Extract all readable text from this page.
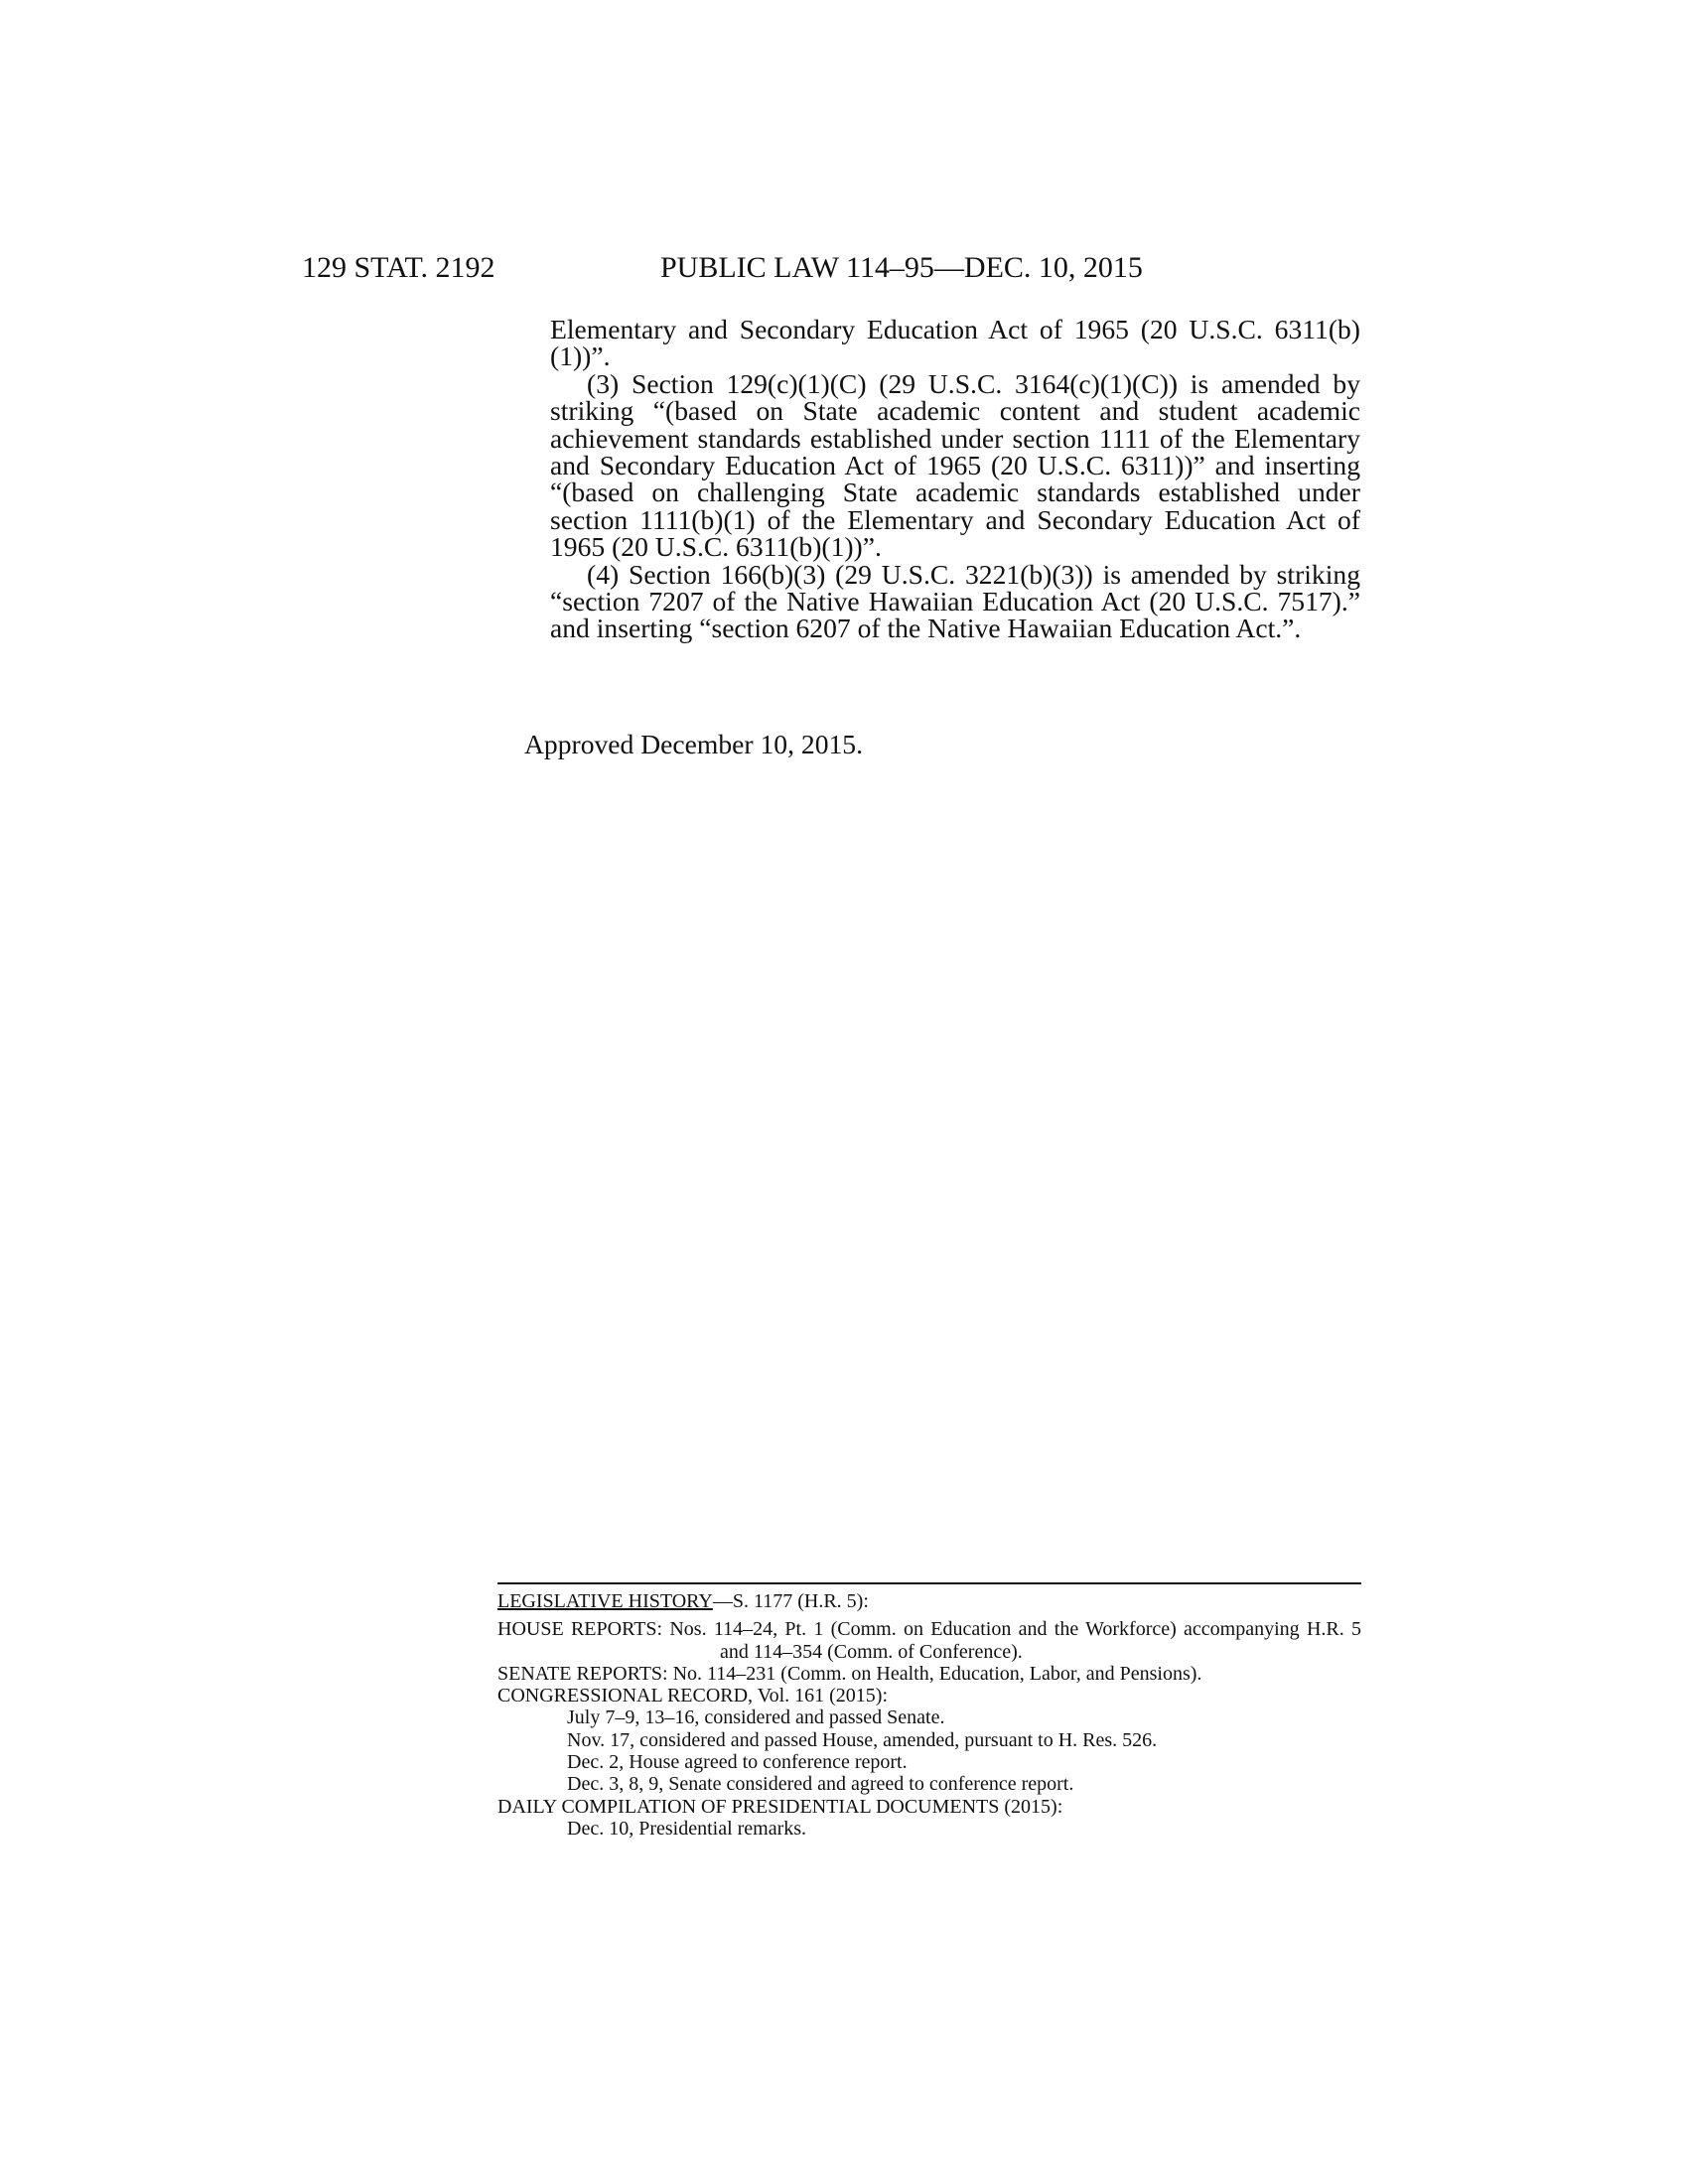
129 STAT. 2192	PUBLIC LAW 114–95—DEC. 10, 2015

Elementary and Secondary Education Act of 1965 (20 U.S.C. 6311(b)(1))”.

(3) Section 129(c)(1)(C) (29 U.S.C. 3164(c)(1)(C)) is amended by striking “(based on State academic content and student academic achievement standards established under section 1111 of the Elementary and Secondary Education Act of 1965 (20 U.S.C. 6311))” and inserting “(based on challenging State academic standards established under section 1111(b)(1) of the Elementary and Secondary Education Act of 1965 (20 U.S.C. 6311(b)(1))”.

(4) Section 166(b)(3) (29 U.S.C. 3221(b)(3)) is amended by striking “section 7207 of the Native Hawaiian Education Act (20 U.S.C. 7517).” and inserting “section 6207 of the Native Hawaiian Education Act.”.

Approved December 10, 2015.

LEGISLATIVE HISTORY—S. 1177 (H.R. 5):

HOUSE REPORTS: Nos. 114–24, Pt. 1 (Comm. on Education and the Workforce) accompanying H.R. 5 and 114–354 (Comm. of Conference).

SENATE REPORTS: No. 114–231 (Comm. on Health, Education, Labor, and Pensions).

CONGRESSIONAL RECORD, Vol. 161 (2015):

July 7–9, 13–16, considered and passed Senate.

Nov. 17, considered and passed House, amended, pursuant to H. Res. 526.

Dec. 2, House agreed to conference report.

Dec. 3, 8, 9, Senate considered and agreed to conference report.

DAILY COMPILATION OF PRESIDENTIAL DOCUMENTS (2015):

Dec. 10, Presidential remarks.
